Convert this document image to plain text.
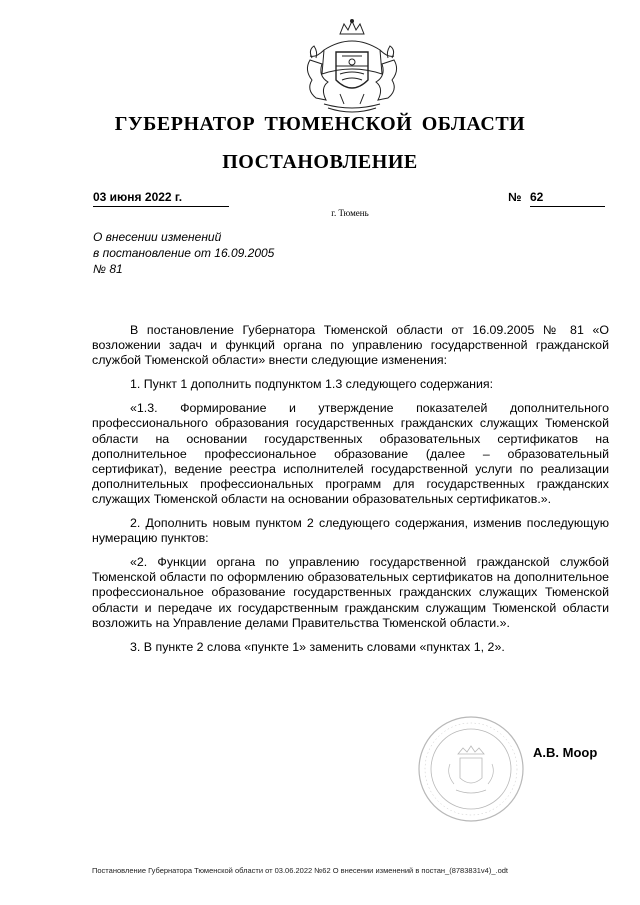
ГУБЕРНАТОР ТЮМЕНСКОЙ ОБЛАСТИ
ПОСТАНОВЛЕНИЕ
03 июня 2022 г.	№ 62
г. Тюмень
О внесении изменений
в постановление от 16.09.2005
№ 81

В постановление Губернатора Тюменской области от 16.09.2005 № 81 «О возложении задач и функций органа по управлению государственной гражданской службой Тюменской области» внести следующие изменения:

1. Пункт 1 дополнить подпунктом 1.3 следующего содержания:

«1.3. Формирование и утверждение показателей дополнительного профессионального образования государственных гражданских служащих Тюменской области на основании государственных образовательных сертификатов на дополнительное профессиональное образование (далее – образовательный сертификат), ведение реестра исполнителей государственной услуги по реализации дополнительных профессиональных программ для государственных гражданских служащих Тюменской области на основании образовательных сертификатов.».

2. Дополнить новым пунктом 2 следующего содержания, изменив последующую нумерацию пунктов:

«2. Функции органа по управлению государственной гражданской службой Тюменской области по оформлению образовательных сертификатов на дополнительное профессиональное образование государственных гражданских служащих Тюменской области и передаче их государственным гражданским служащим Тюменской области возложить на Управление делами Правительства Тюменской области.».

3. В пункте 2 слова «пункте 1» заменить словами «пунктах 1, 2».

А.В. Моор
Постановление Губернатора Тюменской области от 03.06.2022 №62 О внесении изменений в постан_(8783831v4)_.odt
